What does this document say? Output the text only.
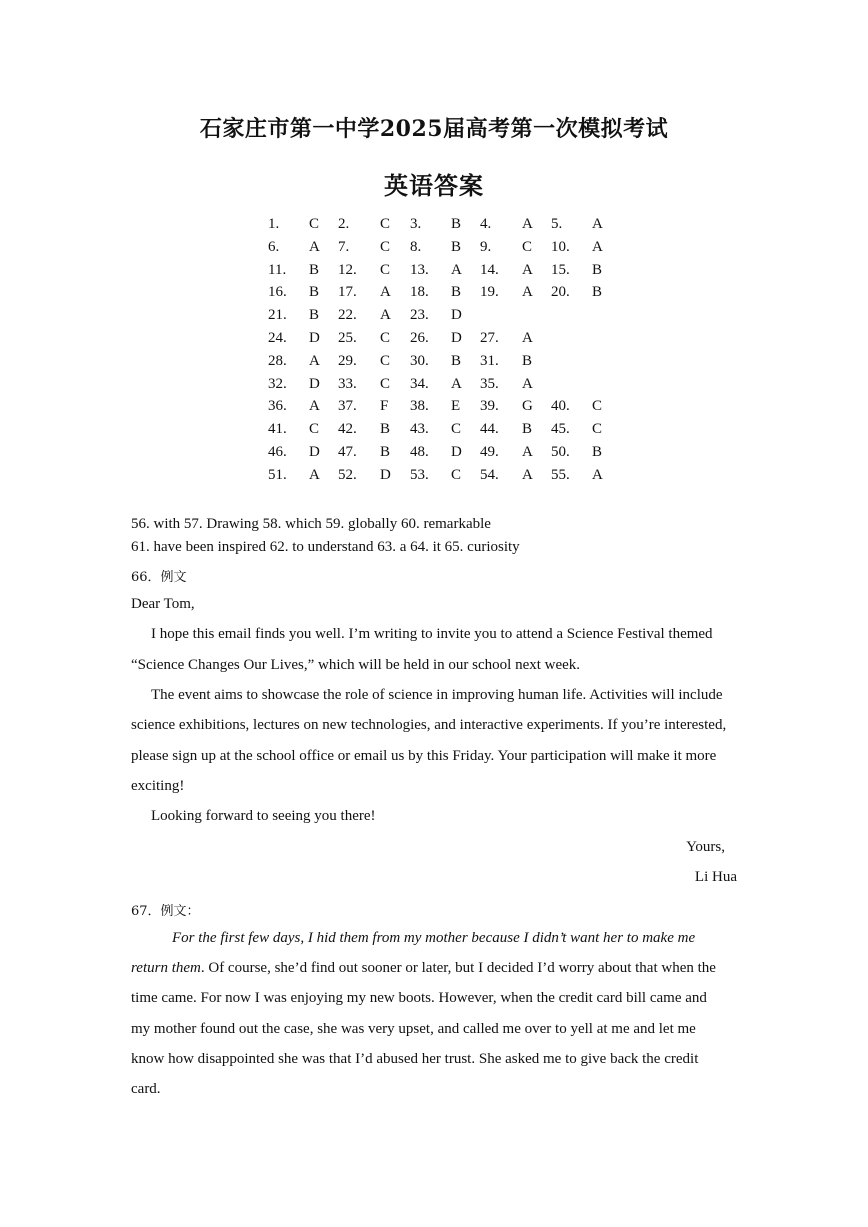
石家庄市第一中学2025届高考第一次模拟考试
英语答案
1. C 2. C 3. B 4. A 5. A
6. A 7. C 8. B 9. C 10. A
11. B 12. C 13. A 14. A 15. B
16. B 17. A 18. B 19. A 20. B
21. B 22. A 23. D
24. D 25. C 26. D 27. A
28. A 29. C 30. B 31. B
32. D 33. C 34. A 35. A
36. A 37. F 38. E 39. G 40. C
41. C 42. B 43. C 44. B 45. C
46. D 47. B 48. D 49. A 50. B
51. A 52. D 53. C 54. A 55. A
56. with 57. Drawing 58. which 59. globally 60. remarkable
61. have been inspired 62. to understand 63. a 64. it 65. curiosity
66．例文
Dear Tom,
I hope this email finds you well. I’m writing to invite you to attend a Science Festival themed
“Science Changes Our Lives,” which will be held in our school next week.
The event aims to showcase the role of science in improving human life. Activities will include
science exhibitions, lectures on new technologies, and interactive experiments. If you’re interested,
please sign up at the school office or email us by this Friday. Your participation will make it more
exciting!
Looking forward to seeing you there!
Yours,
Li Hua
67．例文：
For the first few days, I hid them from my mother because I didn’t want her to make me
return them. Of course, she’d find out sooner or later, but I decided I’d worry about that when the
time came. For now I was enjoying my new boots. However, when the credit card bill came and
my mother found out the case, she was very upset, and called me over to yell at me and let me
know how disappointed she was that I’d abused her trust. She asked me to give back the credit
card.
